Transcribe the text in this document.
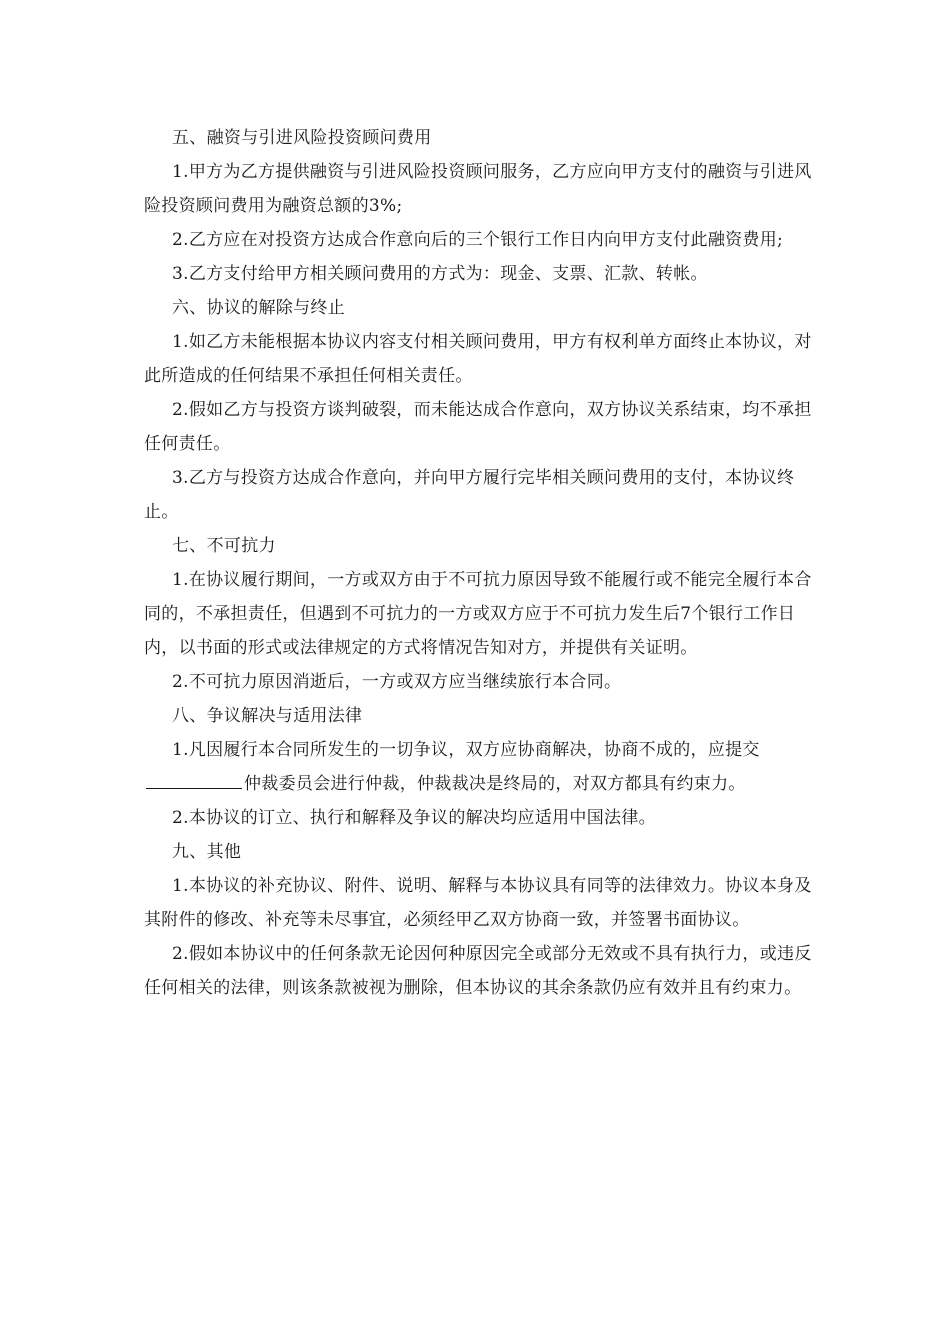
五、融资与引进风险投资顾问费用

1.甲方为乙方提供融资与引进风险投资顾问服务，乙方应向甲方支付的融资与引进风险投资顾问费用为融资总额的3%;

2.乙方应在对投资方达成合作意向后的三个银行工作日内向甲方支付此融资费用;

3.乙方支付给甲方相关顾问费用的方式为：现金、支票、汇款、转帐。

六、协议的解除与终止

1.如乙方未能根据本协议内容支付相关顾问费用，甲方有权利单方面终止本协议，对此所造成的任何结果不承担任何相关责任。

2.假如乙方与投资方谈判破裂，而未能达成合作意向，双方协议关系结束，均不承担任何责任。

3.乙方与投资方达成合作意向，并向甲方履行完毕相关顾问费用的支付，本协议终止。

七、不可抗力

1.在协议履行期间，一方或双方由于不可抗力原因导致不能履行或不能完全履行本合同的，不承担责任，但遇到不可抗力的一方或双方应于不可抗力发生后7个银行工作日内，以书面的形式或法律规定的方式将情况告知对方，并提供有关证明。

2.不可抗力原因消逝后，一方或双方应当继续旅行本合同。

八、争议解决与适用法律

1.凡因履行本合同所发生的一切争议，双方应协商解决，协商不成的，应提交仲裁委员会进行仲裁，仲裁裁决是终局的，对双方都具有约束力。

2.本协议的订立、执行和解释及争议的解决均应适用中国法律。

九、其他

1.本协议的补充协议、附件、说明、解释与本协议具有同等的法律效力。协议本身及其附件的修改、补充等未尽事宜，必须经甲乙双方协商一致，并签署书面协议。

2.假如本协议中的任何条款无论因何种原因完全或部分无效或不具有执行力，或违反任何相关的法律，则该条款被视为删除，但本协议的其余条款仍应有效并且有约束力。
